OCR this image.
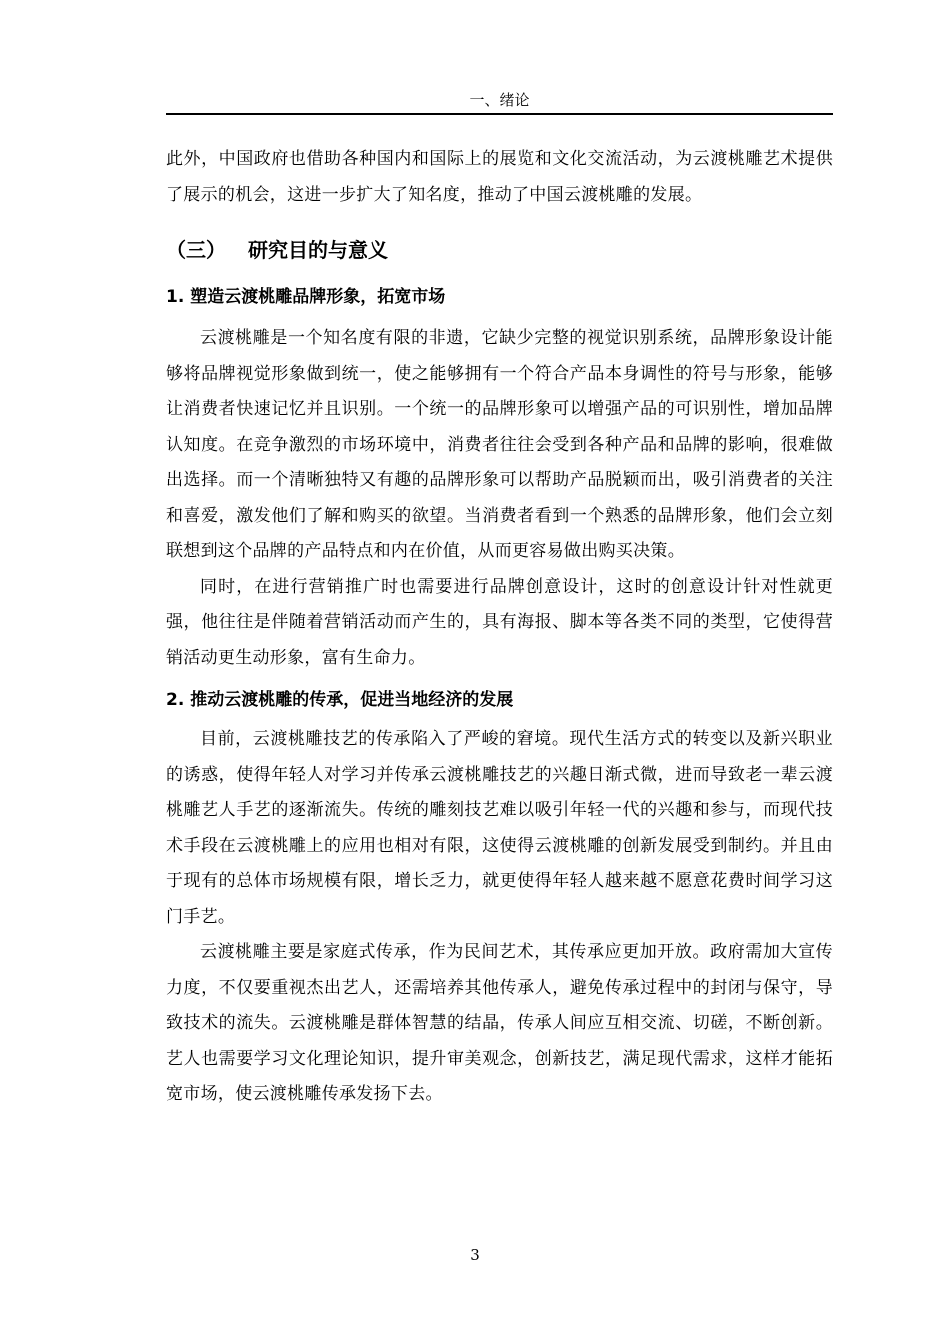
一、绪论

此外，中国政府也借助各种国内和国际上的展览和文化交流活动，为云渡桃雕艺术提供了展示的机会，这进一步扩大了知名度，推动了中国云渡桃雕的发展。

（三） 研究目的与意义
1. 塑造云渡桃雕品牌形象，拓宽市场

云渡桃雕是一个知名度有限的非遗，它缺少完整的视觉识别系统，品牌形象设计能够将品牌视觉形象做到统一，使之能够拥有一个符合产品本身调性的符号与形象，能够让消费者快速记忆并且识别。一个统一的品牌形象可以增强产品的可识别性，增加品牌认知度。在竞争激烈的市场环境中，消费者往往会受到各种产品和品牌的影响，很难做出选择。而一个清晰独特又有趣的品牌形象可以帮助产品脱颖而出，吸引消费者的关注和喜爱，激发他们了解和购买的欲望。当消费者看到一个熟悉的品牌形象，他们会立刻联想到这个品牌的产品特点和内在价值，从而更容易做出购买决策。

同时，在进行营销推广时也需要进行品牌创意设计，这时的创意设计针对性就更强，他往往是伴随着营销活动而产生的，具有海报、脚本等各类不同的类型，它使得营销活动更生动形象，富有生命力。

2. 推动云渡桃雕的传承，促进当地经济的发展

目前，云渡桃雕技艺的传承陷入了严峻的窘境。现代生活方式的转变以及新兴职业的诱惑，使得年轻人对学习并传承云渡桃雕技艺的兴趣日渐式微，进而导致老一辈云渡桃雕艺人手艺的逐渐流失。传统的雕刻技艺难以吸引年轻一代的兴趣和参与，而现代技术手段在云渡桃雕上的应用也相对有限，这使得云渡桃雕的创新发展受到制约。并且由于现有的总体市场规模有限，增长乏力，就更使得年轻人越来越不愿意花费时间学习这门手艺。

云渡桃雕主要是家庭式传承，作为民间艺术，其传承应更加开放。政府需加大宣传力度，不仅要重视杰出艺人，还需培养其他传承人，避免传承过程中的封闭与保守，导致技术的流失。云渡桃雕是群体智慧的结晶，传承人间应互相交流、切磋，不断创新。艺人也需要学习文化理论知识，提升审美观念，创新技艺，满足现代需求，这样才能拓宽市场，使云渡桃雕传承发扬下去。

3
